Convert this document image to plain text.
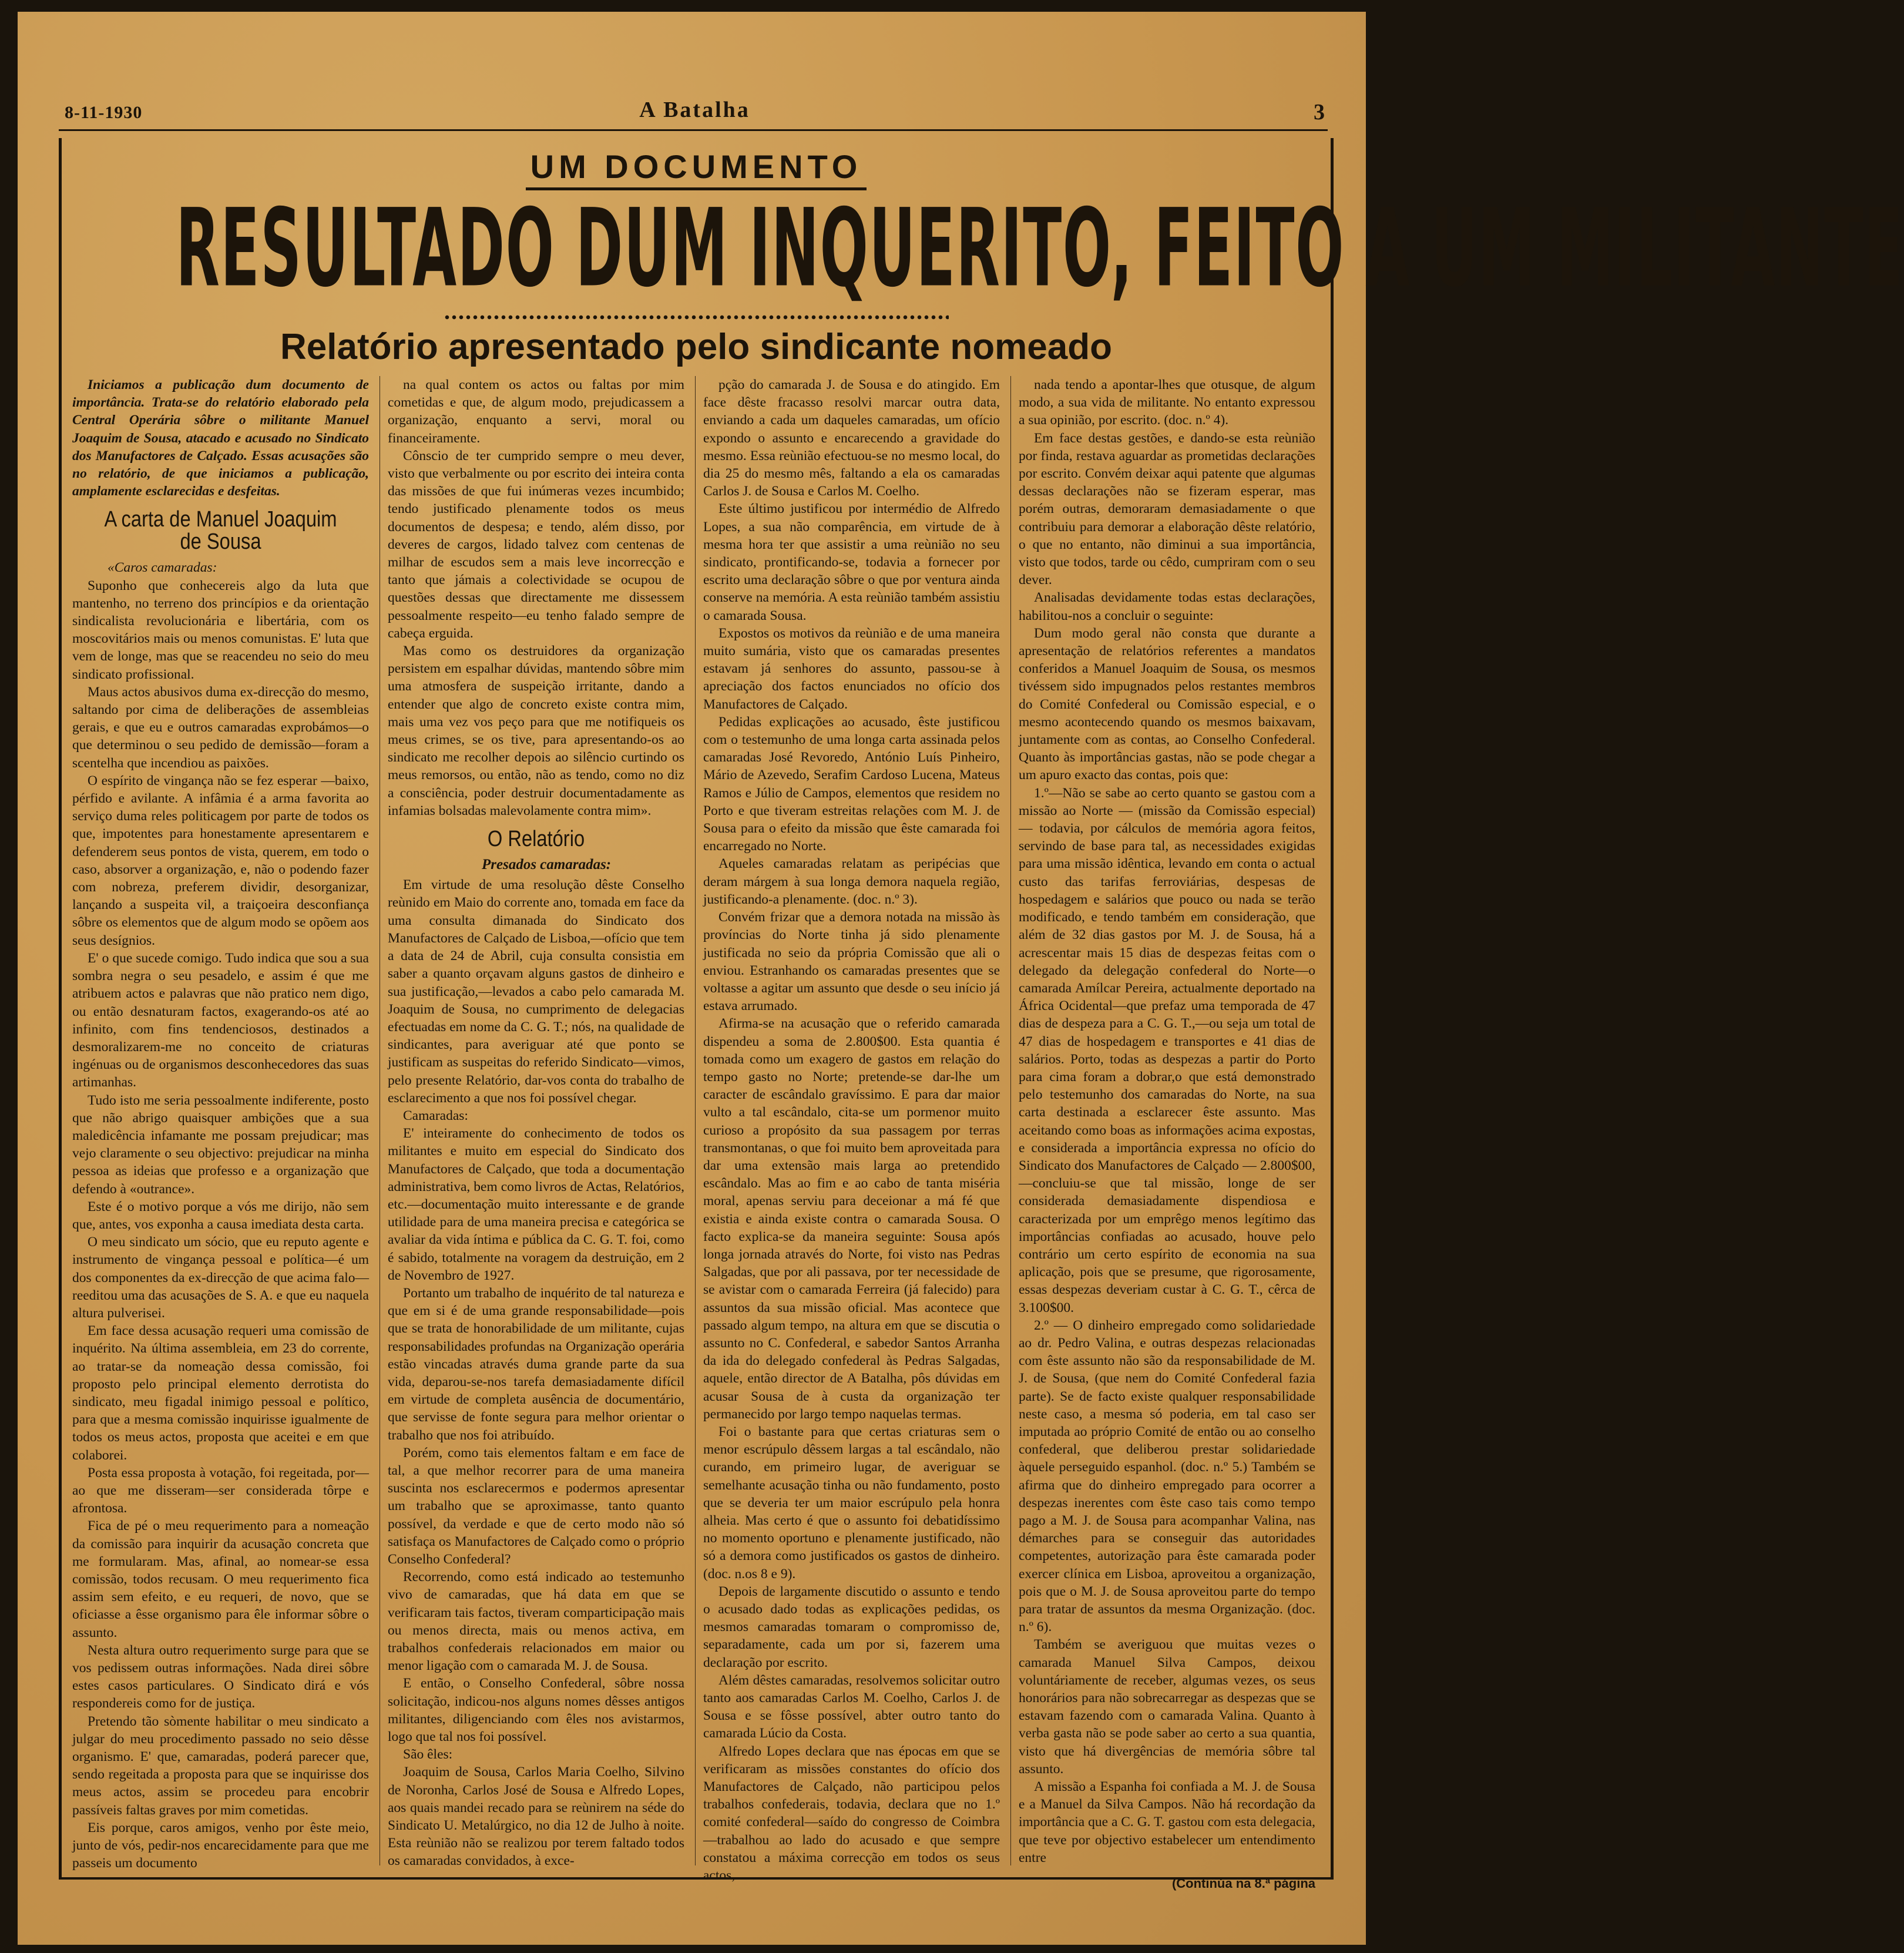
8-11-1930	A Batalha	3
UM DOCUMENTO
RESULTADO DUM INQUERITO, FEITO A UM MILITANTE
Relatório apresentado pelo sindicante nomeado

Iniciamos a publicação dum documento de importância. Trata-se do relatório elaborado pela Central Operária sôbre o militante Manuel Joaquim de Sousa, atacado e acusado no Sindicato dos Manufactores de Calçado. Essas acusações são no relatório, de que iniciamos a publicação, amplamente esclarecidas e desfeitas.

A carta de Manuel Joaquim de Sousa

«Caros camaradas:

Suponho que conhecereis algo da luta que mantenho, no terreno dos princípios e da orientação sindicalista revolucionária e libertária, com os moscovitários mais ou menos comunistas. E' luta que vem de longe, mas que se reacendeu no seio do meu sindicato profissional.

Maus actos abusivos duma ex-direcção do mesmo, saltando por cima de deliberações de assembleias gerais, e que eu e outros camaradas exprobámos—o que determinou o seu pedido de demissão—foram a scentelha que incendiou as paixões.

O espírito de vingança não se fez esperar —baixo, pérfido e avilante. A infâmia é a arma favorita ao serviço duma reles politicagem por parte de todos os que, impotentes para honestamente apresentarem e defenderem seus pontos de vista, querem, em todo o caso, absorver a organização, e, não o podendo fazer com nobreza, preferem dividir, desorganizar, lançando a suspeita vil, a traiçoeira desconfiança sôbre os elementos que de algum modo se opõem aos seus desígnios.

E' o que sucede comigo. Tudo indica que sou a sua sombra negra o seu pesadelo, e assim é que me atribuem actos e palavras que não pratico nem digo, ou então desnaturam factos, exagerando-os até ao infinito, com fins tendenciosos, destinados a desmoralizarem-me no conceito de criaturas ingénuas ou de organismos desconhecedores das suas artimanhas.

Tudo isto me seria pessoalmente indiferente, posto que não abrigo quaisquer ambições que a sua maledicência infamante me possam prejudicar; mas vejo claramente o seu objectivo: prejudicar na minha pessoa as ideias que professo e a organização que defendo à «outrance».

Este é o motivo porque a vós me dirijo, não sem que, antes, vos exponha a causa imediata desta carta.

O meu sindicato um sócio, que eu reputo agente e instrumento de vingança pessoal e política—é um dos componentes da ex-direcção de que acima falo—reeditou uma das acusações de S. A. e que eu naquela altura pulverisei.

Em face dessa acusação requeri uma comissão de inquérito. Na última assembleia, em 23 do corrente, ao tratar-se da nomeação dessa comissão, foi proposto pelo principal elemento derrotista do sindicato, meu figadal inimigo pessoal e político, para que a mesma comissão inquirisse igualmente de todos os meus actos, proposta que aceitei e em que colaborei.

Posta essa proposta à votação, foi regeitada, por—ao que me disseram—ser considerada tôrpe e afrontosa.

Fica de pé o meu requerimento para a nomeação da comissão para inquirir da acusação concreta que me formularam. Mas, afinal, ao nomear-se essa comissão, todos recusam. O meu requerimento fica assim sem efeito, e eu requeri, de novo, que se oficiasse a êsse organismo para êle informar sôbre o assunto.

Nesta altura outro requerimento surge para que se vos pedissem outras informações. Nada direi sôbre estes casos particulares. O Sindicato dirá e vós respondereis como for de justiça.

Pretendo tão sòmente habilitar o meu sindicato a julgar do meu procedimento passado no seio dêsse organismo. E' que, camaradas, poderá parecer que, sendo regeitada a proposta para que se inquirisse dos meus actos, assim se procedeu para encobrir passíveis faltas graves por mim cometidas.

Eis porque, caros amigos, venho por êste meio, junto de vós, pedir-nos encarecidamente para que me passeis um documento

na qual contem os actos ou faltas por mim cometidas e que, de algum modo, prejudicassem a organização, enquanto a servi, moral ou financeiramente.

Cônscio de ter cumprido sempre o meu dever, visto que verbalmente ou por escrito dei inteira conta das missões de que fui inúmeras vezes incumbido; tendo justificado plenamente todos os meus documentos de despesa; e tendo, além disso, por deveres de cargos, lidado talvez com centenas de milhar de escudos sem a mais leve incorrecção e tanto que jámais a colectividade se ocupou de questões dessas que directamente me dissessem pessoalmente respeito—eu tenho falado sempre de cabeça erguida.

Mas como os destruidores da organização persistem em espalhar dúvidas, mantendo sôbre mim uma atmosfera de suspeição irritante, dando a entender que algo de concreto existe contra mim, mais uma vez vos peço para que me notifiqueis os meus crimes, se os tive, para apresentando-os ao sindicato me recolher depois ao silêncio curtindo os meus remorsos, ou então, não as tendo, como no diz a consciência, poder destruir documentadamente as infamias bolsadas malevolamente contra mim».

O Relatório
Presados camaradas:

Em virtude de uma resolução dêste Conselho reùnido em Maio do corrente ano, tomada em face da uma consulta dimanada do Sindicato dos Manufactores de Calçado de Lisboa,—ofício que tem a data de 24 de Abril, cuja consulta consistia em saber a quanto orçavam alguns gastos de dinheiro e sua justificação,—levados a cabo pelo camarada M. Joaquim de Sousa, no cumprimento de delegacias efectuadas em nome da C. G. T.; nós, na qualidade de sindicantes, para averiguar até que ponto se justificam as suspeitas do referido Sindicato—vimos, pelo presente Relatório, dar-vos conta do trabalho de esclarecimento a que nos foi possível chegar.

Camaradas:

E' inteiramente do conhecimento de todos os militantes e muito em especial do Sindicato dos Manufactores de Calçado, que toda a documentação administrativa, bem como livros de Actas, Relatórios, etc.—documentação muito interessante e de grande utilidade para de uma maneira precisa e categórica se avaliar da vida íntima e pública da C. G. T. foi, como é sabido, totalmente na voragem da destruição, em 2 de Novembro de 1927.

Portanto um trabalho de inquérito de tal natureza e que em si é de uma grande responsabilidade—pois que se trata de honorabilidade de um militante, cujas responsabilidades profundas na Organização operária estão vincadas através duma grande parte da sua vida, deparou-se-nos tarefa demasiadamente difícil em virtude de completa ausência de documentário, que servisse de fonte segura para melhor orientar o trabalho que nos foi atribuído.

Porém, como tais elementos faltam e em face de tal, a que melhor recorrer para de uma maneira suscinta nos esclarecermos e podermos apresentar um trabalho que se aproximasse, tanto quanto possível, da verdade e que de certo modo não só satisfaça os Manufactores de Calçado como o próprio Conselho Confederal?

Recorrendo, como está indicado ao testemunho vivo de camaradas, que há data em que se verificaram tais factos, tiveram comparticipação mais ou menos directa, mais ou menos activa, em trabalhos confederais relacionados em maior ou menor ligação com o camarada M. J. de Sousa.

E então, o Conselho Confederal, sôbre nossa solicitação, indicou-nos alguns nomes dêsses antigos militantes, diligenciando com êles nos avistarmos, logo que tal nos foi possível.

São êles:

Joaquim de Sousa, Carlos Maria Coelho, Silvino de Noronha, Carlos José de Sousa e Alfredo Lopes, aos quais mandei recado para se reùnirem na séde do Sindicato U. Metalúrgico, no dia 12 de Julho à noite. Esta reùnião não se realizou por terem faltado todos os camaradas convidados, à exce-

pção do camarada J. de Sousa e do atingido. Em face dêste fracasso resolvi marcar outra data, enviando a cada um daqueles camaradas, um ofício expondo o assunto e encarecendo a gravidade do mesmo. Essa reùnião efectuou-se no mesmo local, do dia 25 do mesmo mês, faltando a ela os camaradas Carlos J. de Sousa e Carlos M. Coelho.

Este último justificou por intermédio de Alfredo Lopes, a sua não comparência, em virtude de à mesma hora ter que assistir a uma reùnião no seu sindicato, prontificando-se, todavia a fornecer por escrito uma declaração sôbre o que por ventura ainda conserve na memória. A esta reùnião também assistiu o camarada Sousa.

Expostos os motivos da reùnião e de uma maneira muito sumária, visto que os camaradas presentes estavam já senhores do assunto, passou-se à apreciação dos factos enunciados no ofício dos Manufactores de Calçado.

Pedidas explicações ao acusado, êste justificou com o testemunho de uma longa carta assinada pelos camaradas José Revoredo, António Luís Pinheiro, Mário de Azevedo, Serafim Cardoso Lucena, Mateus Ramos e Júlio de Campos, elementos que residem no Porto e que tiveram estreitas relações com M. J. de Sousa para o efeito da missão que êste camarada foi encarregado no Norte.

Aqueles camaradas relatam as peripécias que deram márgem à sua longa demora naquela região, justificando-a plenamente. (doc. n.º 3).

Convém frizar que a demora notada na missão às províncias do Norte tinha já sido plenamente justificada no seio da própria Comissão que ali o enviou. Estranhando os camaradas presentes que se voltasse a agitar um assunto que desde o seu início já estava arrumado.

Afirma-se na acusação que o referido camarada dispendeu a soma de 2.800$00. Esta quantia é tomada como um exagero de gastos em relação do tempo gasto no Norte; pretende-se dar-lhe um caracter de escândalo gravíssimo. E para dar maior vulto a tal escândalo, cita-se um pormenor muito curioso a propósito da sua passagem por terras transmontanas, o que foi muito bem aproveitada para dar uma extensão mais larga ao pretendido escândalo. Mas ao fim e ao cabo de tanta miséria moral, apenas serviu para deceionar a má fé que existia e ainda existe contra o camarada Sousa. O facto explica-se da maneira seguinte: Sousa após longa jornada através do Norte, foi visto nas Pedras Salgadas, que por ali passava, por ter necessidade de se avistar com o camarada Ferreira (já falecido) para assuntos da sua missão oficial. Mas acontece que passado algum tempo, na altura em que se discutia o assunto no C. Confederal, e sabedor Santos Arranha da ida do delegado confederal às Pedras Salgadas, aquele, então director de A Batalha, pôs dúvidas em acusar Sousa de à custa da organização ter permanecido por largo tempo naquelas termas.

Foi o bastante para que certas criaturas sem o menor escrúpulo dêssem largas a tal escândalo, não curando, em primeiro lugar, de averiguar se semelhante acusação tinha ou não fundamento, posto que se deveria ter um maior escrúpulo pela honra alheia. Mas certo é que o assunto foi debatidíssimo no momento oportuno e plenamente justificado, não só a demora como justificados os gastos de dinheiro. (doc. n.os 8 e 9).

Depois de largamente discutido o assunto e tendo o acusado dado todas as explicações pedidas, os mesmos camaradas tomaram o compromisso de, separadamente, cada um por si, fazerem uma declaração por escrito.

Além dêstes camaradas, resolvemos solicitar outro tanto aos camaradas Carlos M. Coelho, Carlos J. de Sousa e se fôsse possível, abter outro tanto do camarada Lúcio da Costa.

Alfredo Lopes declara que nas épocas em que se verificaram as missões constantes do ofício dos Manufactores de Calçado, não participou pelos trabalhos confederais, todavia, declara que no 1.º comité confederal—saído do congresso de Coimbra—trabalhou ao lado do acusado e que sempre constatou a máxima correcção em todos os seus actos,

nada tendo a apontar-lhes que otusque, de algum modo, a sua vida de militante. No entanto expressou a sua opinião, por escrito. (doc. n.º 4).

Em face destas gestões, e dando-se esta reùnião por finda, restava aguardar as prometidas declarações por escrito. Convém deixar aqui patente que algumas dessas declarações não se fizeram esperar, mas porém outras, demoraram demasiadamente o que contribuiu para demorar a elaboração dêste relatório, o que no entanto, não diminui a sua importância, visto que todos, tarde ou cêdo, cumpriram com o seu dever.

Analisadas devidamente todas estas declarações, habilitou-nos a concluir o seguinte:

Dum modo geral não consta que durante a apresentação de relatórios referentes a mandatos conferidos a Manuel Joaquim de Sousa, os mesmos tivéssem sido impugnados pelos restantes membros do Comité Confederal ou Comissão especial, e o mesmo acontecendo quando os mesmos baixavam, juntamente com as contas, ao Conselho Confederal. Quanto às importâncias gastas, não se pode chegar a um apuro exacto das contas, pois que:

1.º—Não se sabe ao certo quanto se gastou com a missão ao Norte — (missão da Comissão especial) — todavia, por cálculos de memória agora feitos, servindo de base para tal, as necessidades exigidas para uma missão idêntica, levando em conta o actual custo das tarifas ferroviárias, despesas de hospedagem e salários que pouco ou nada se terão modificado, e tendo também em consideração, que além de 32 dias gastos por M. J. de Sousa, há a acrescentar mais 15 dias de despezas feitas com o delegado da delegação confederal do Norte—o camarada Amílcar Pereira, actualmente deportado na África Ocidental—que prefaz uma temporada de 47 dias de despeza para a C. G. T.,—ou seja um total de 47 dias de hospedagem e transportes e 41 dias de salários. Porto, todas as despezas a partir do Porto para cima foram a dobrar,o que está demonstrado pelo testemunho dos camaradas do Norte, na sua carta destinada a esclarecer êste assunto. Mas aceitando como boas as informações acima expostas, e considerada a importância expressa no ofício do Sindicato dos Manufactores de Calçado — 2.800$00,—concluiu-se que tal missão, longe de ser considerada demasiadamente dispendiosa e caracterizada por um emprêgo menos legítimo das importâncias confiadas ao acusado, houve pelo contrário um certo espírito de economia na sua aplicação, pois que se presume, que rigorosamente, essas despezas deveriam custar à C. G. T., cêrca de 3.100$00.

2.º — O dinheiro empregado como solidariedade ao dr. Pedro Valina, e outras despezas relacionadas com êste assunto não são da responsabilidade de M. J. de Sousa, (que nem do Comité Confederal fazia parte). Se de facto existe qualquer responsabilidade neste caso, a mesma só poderia, em tal caso ser imputada ao próprio Comité de então ou ao conselho confederal, que deliberou prestar solidariedade àquele perseguido espanhol. (doc. n.º 5.) Também se afirma que do dinheiro empregado para ocorrer a despezas inerentes com êste caso tais como tempo pago a M. J. de Sousa para acompanhar Valina, nas démarches para se conseguir das autoridades competentes, autorização para êste camarada poder exercer clínica em Lisboa, aproveitou a organização, pois que o M. J. de Sousa aproveitou parte do tempo para tratar de assuntos da mesma Organização. (doc. n.º 6).

Também se averiguou que muitas vezes o camarada Manuel Silva Campos, deixou voluntáriamente de receber, algumas vezes, os seus honorários para não sobrecarregar as despezas que se estavam fazendo com o camarada Valina. Quanto à verba gasta não se pode saber ao certo a sua quantia, visto que há divergências de memória sôbre tal assunto.

A missão a Espanha foi confiada a M. J. de Sousa e a Manuel da Silva Campos. Não há recordação da importância que a C. G. T. gastou com esta delegacia, que teve por objectivo estabelecer um entendimento entre

(Continúa na 8.ª página
